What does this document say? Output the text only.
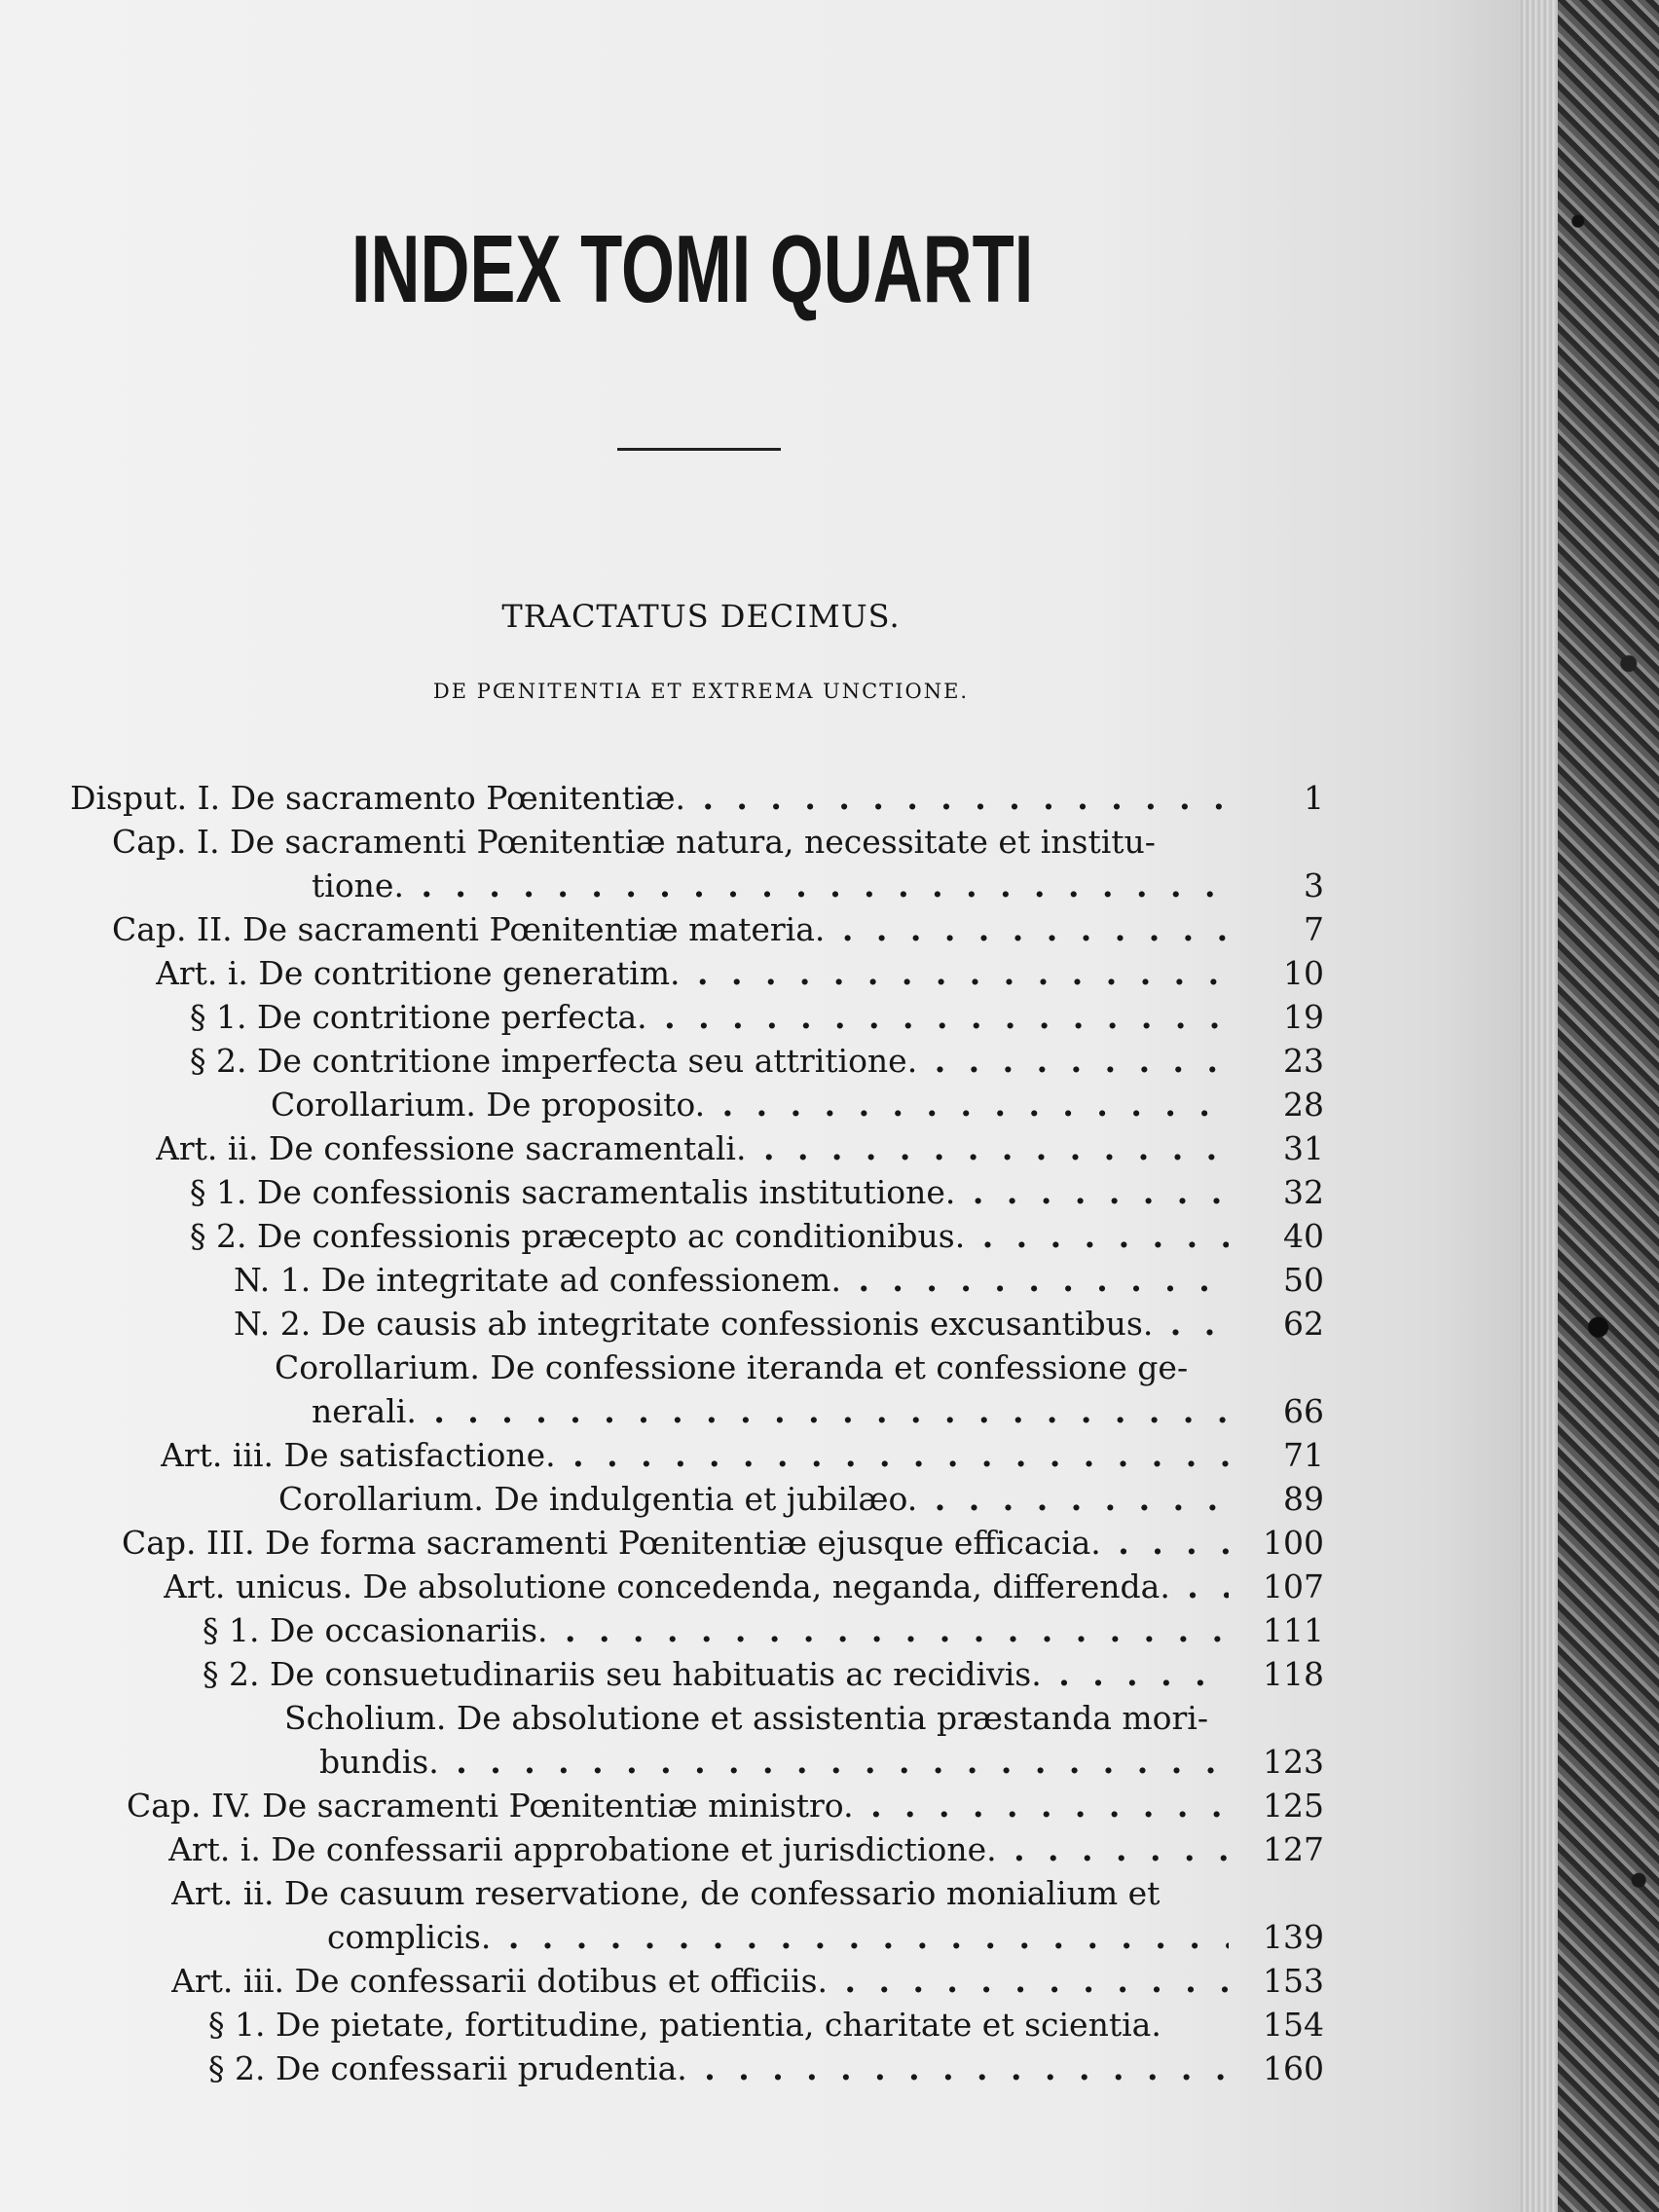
INDEX TOMI QUARTI
TRACTATUS DECIMUS.
DE PŒNITENTIA ET EXTREMA UNCTIONE.
Disput. I. De sacramento Pœnitentiæ. . . .	1
Cap. I. De sacramenti Pœnitentiæ natura, necessitate et institu-
tione. . . .	3
Cap. II. De sacramenti Pœnitentiæ materia. . . .	7
Art. i. De contritione generatim. . . .	10
§ 1. De contritione perfecta. . . .	19
§ 2. De contritione imperfecta seu attritione. . . .	23
Corollarium. De proposito. . . .	28
Art. ii. De confessione sacramentali. . . .	31
§ 1. De confessionis sacramentalis institutione. . . .	32
§ 2. De confessionis præcepto ac conditionibus. . . .	40
N. 1. De integritate ad confessionem. . . .	50
N. 2. De causis ab integritate confessionis excusantibus. . . .	62
Corollarium. De confessione iteranda et confessione ge-
nerali. . . .	66
Art. iii. De satisfactione. . . .	71
Corollarium. De indulgentia et jubilæo. . . .	89
Cap. III. De forma sacramenti Pœnitentiæ ejusque efficacia. . . .	100
Art. unicus. De absolutione concedenda, neganda, differenda. . . .	107
§ 1. De occasionariis. . . .	111
§ 2. De consuetudinariis seu habituatis ac recidivis. . . .	118
Scholium. De absolutione et assistentia præstanda mori-
bundis. . . .	123
Cap. IV. De sacramenti Pœnitentiæ ministro. . . .	125
Art. i. De confessarii approbatione et jurisdictione. . . .	127
Art. ii. De casuum reservatione, de confessario monialium et
complicis. . . .	139
Art. iii. De confessarii dotibus et officiis. . . .	153
§ 1. De pietate, fortitudine, patientia, charitate et scientia.	154
§ 2. De confessarii prudentia. . . .	160
